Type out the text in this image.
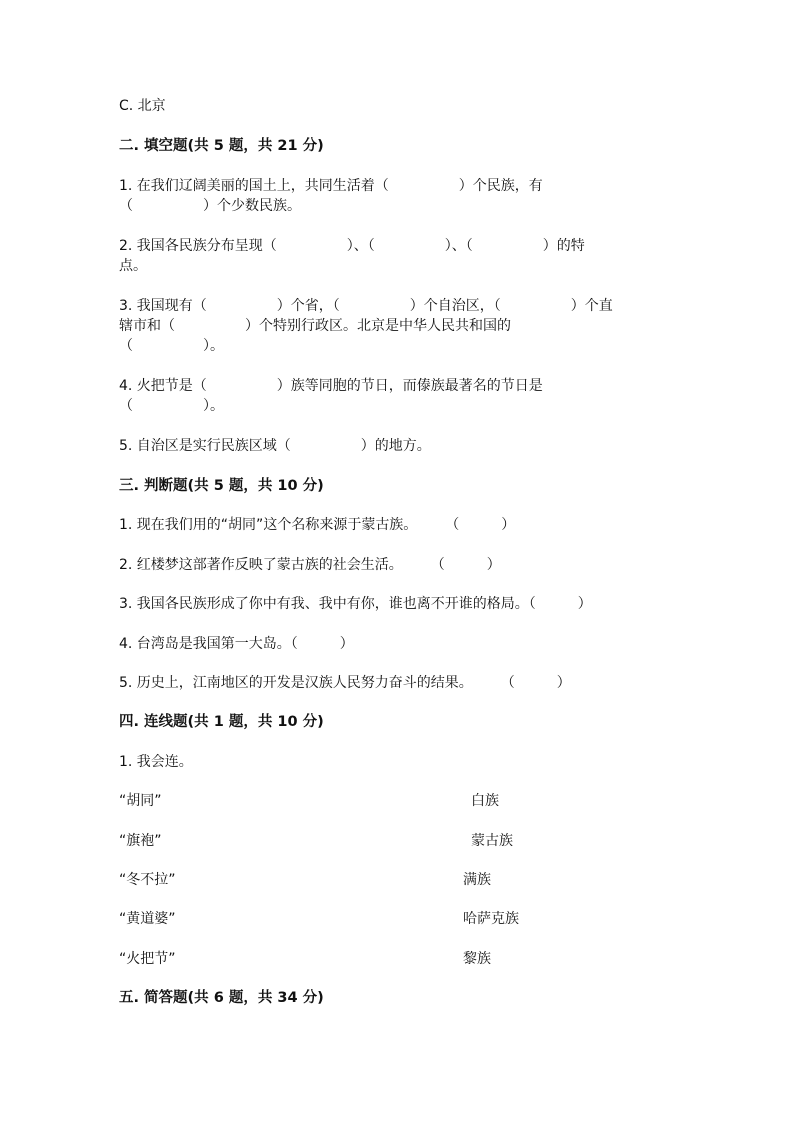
C. 北京
二. 填空题(共 5 题，共 21 分)
1. 在我们辽阔美丽的国土上，共同生活着（　　　　　）个民族，有
（　　　　　）个少数民族。
2. 我国各民族分布呈现（　　　　　）、（　　　　　）、（　　　　　）的特
点。
3. 我国现有（　　　　　）个省，（　　　　　）个自治区，（　　　　　）个直
辖市和（　　　　　）个特别行政区。北京是中华人民共和国的
（　　　　　）。
4. 火把节是（　　　　　）族等同胞的节日，而傣族最著名的节日是
（　　　　　）。
5. 自治区是实行民族区域（　　　　　）的地方。
三. 判断题(共 5 题，共 10 分)
1. 现在我们用的“胡同”这个名称来源于蒙古族。　　　（　　　）
2. 红楼梦这部著作反映了蒙古族的社会生活。　　　（　　　）
3. 我国各民族形成了你中有我、我中有你，谁也离不开谁的格局。（　　　）
4. 台湾岛是我国第一大岛。（　　　）
5. 历史上，江南地区的开发是汉族人民努力奋斗的结果。　　　（　　　）
四. 连线题(共 1 题，共 10 分)
1. 我会连。
“胡同”	白族
“旗袍”	蒙古族
“冬不拉”	满族
“黄道婆”	哈萨克族
“火把节”	黎族
五. 简答题(共 6 题，共 34 分)
